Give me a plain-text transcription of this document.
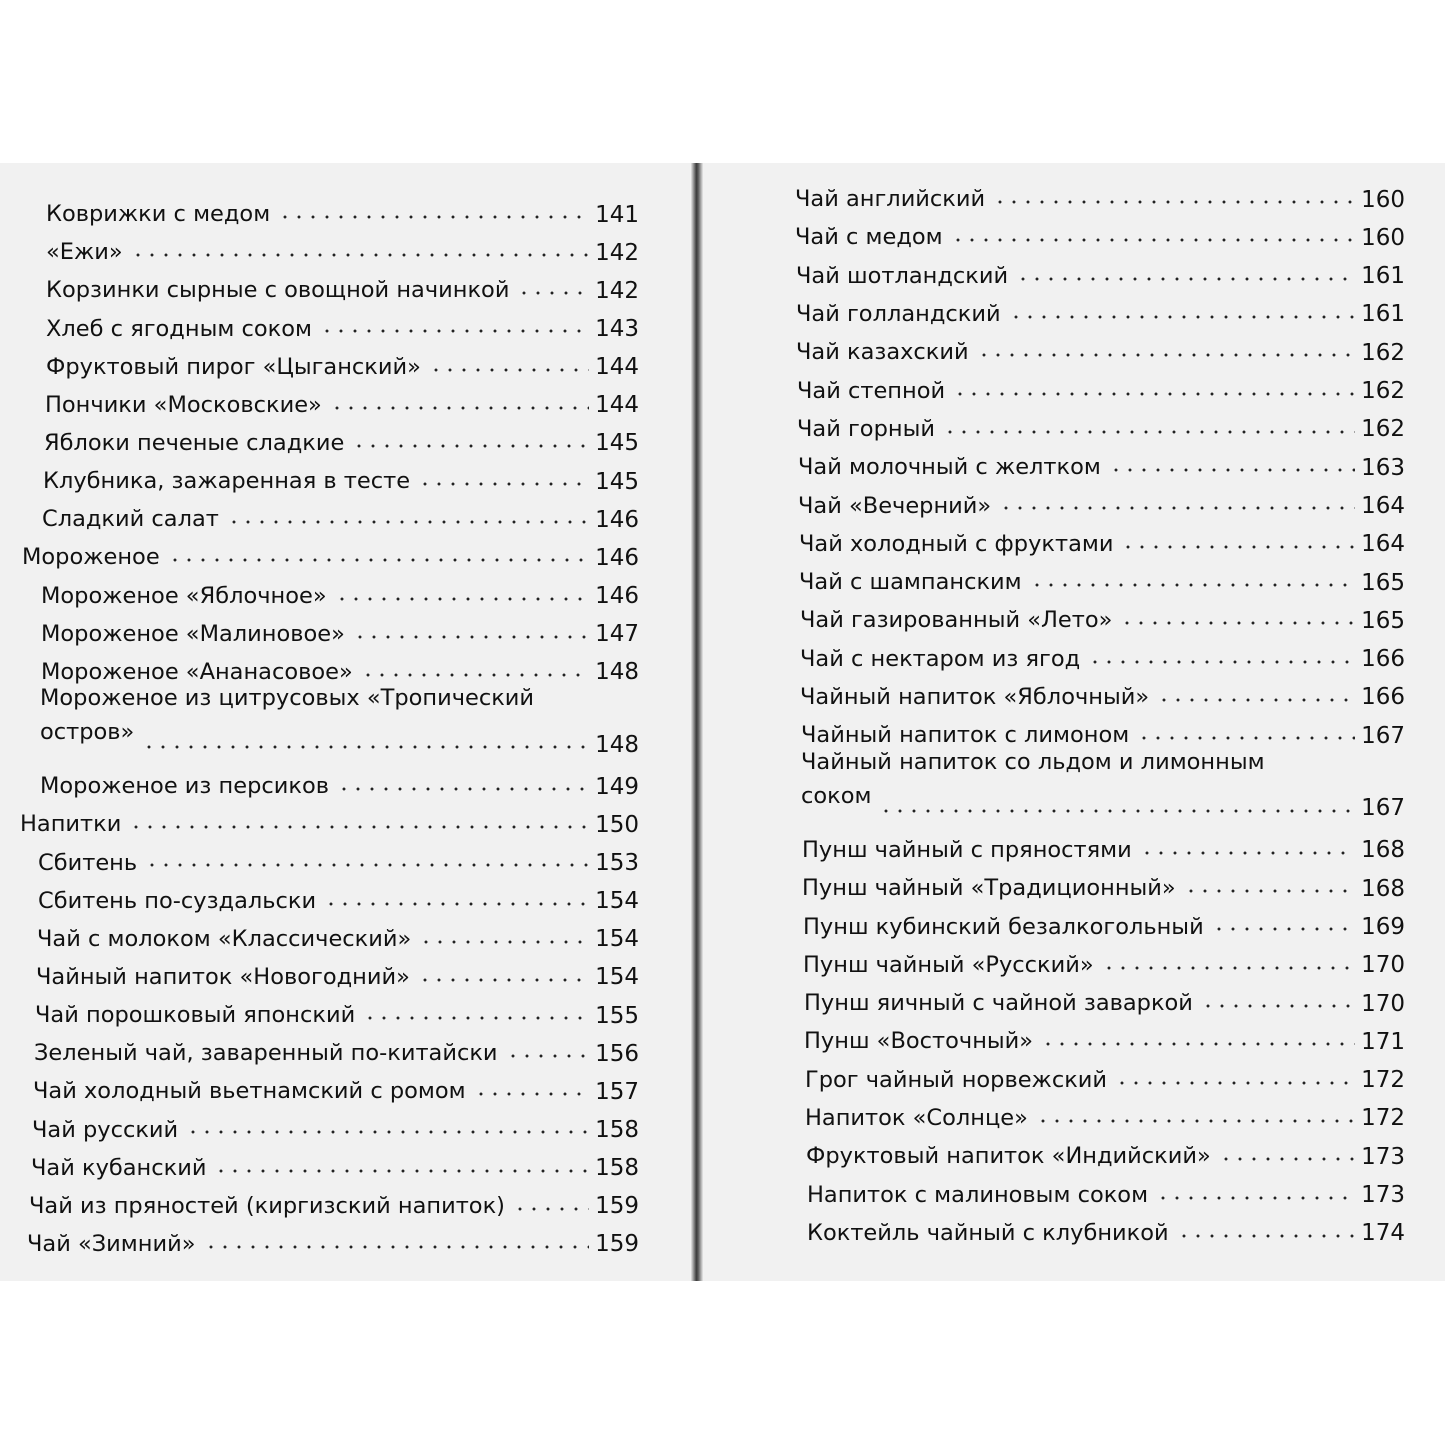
Коврижки с медом	141
«Ежи»	142
Корзинки сырные с овощной начинкой	142
Хлеб с ягодным соком	143
Фруктовый пирог «Цыганский»	144
Пончики «Московские»	144
Яблоки печеные сладкие	145
Клубника, зажаренная в тесте	145
Сладкий салат	146
Мороженое	146
Мороженое «Яблочное»	146
Мороженое «Малиновое»	147
Мороженое «Ананасовое»	148
Мороженое из цитрусовых «Тропический
остров»	148
Мороженое из персиков	149
Напитки	150
Сбитень	153
Сбитень по-суздальски	154
Чай с молоком «Классический»	154
Чайный напиток «Новогодний»	154
Чай порошковый японский	155
Зеленый чай, заваренный по-китайски	156
Чай холодный вьетнамский с ромом	157
Чай русский	158
Чай кубанский	158
Чай из пряностей (киргизский напиток)	159
Чай «Зимний»	159
Чай английский	160
Чай с медом	160
Чай шотландский	161
Чай голландский	161
Чай казахский	162
Чай степной	162
Чай горный	162
Чай молочный с желтком	163
Чай «Вечерний»	164
Чай холодный с фруктами	164
Чай с шампанским	165
Чай газированный «Лето»	165
Чай с нектаром из ягод	166
Чайный напиток «Яблочный»	166
Чайный напиток с лимоном	167
Чайный напиток со льдом и лимонным
соком	167
Пунш чайный с пряностями	168
Пунш чайный «Традиционный»	168
Пунш кубинский безалкогольный	169
Пунш чайный «Русский»	170
Пунш яичный с чайной заваркой	170
Пунш «Восточный»	171
Грог чайный норвежский	172
Напиток «Солнце»	172
Фруктовый напиток «Индийский»	173
Напиток с малиновым соком	173
Коктейль чайный с клубникой	174
